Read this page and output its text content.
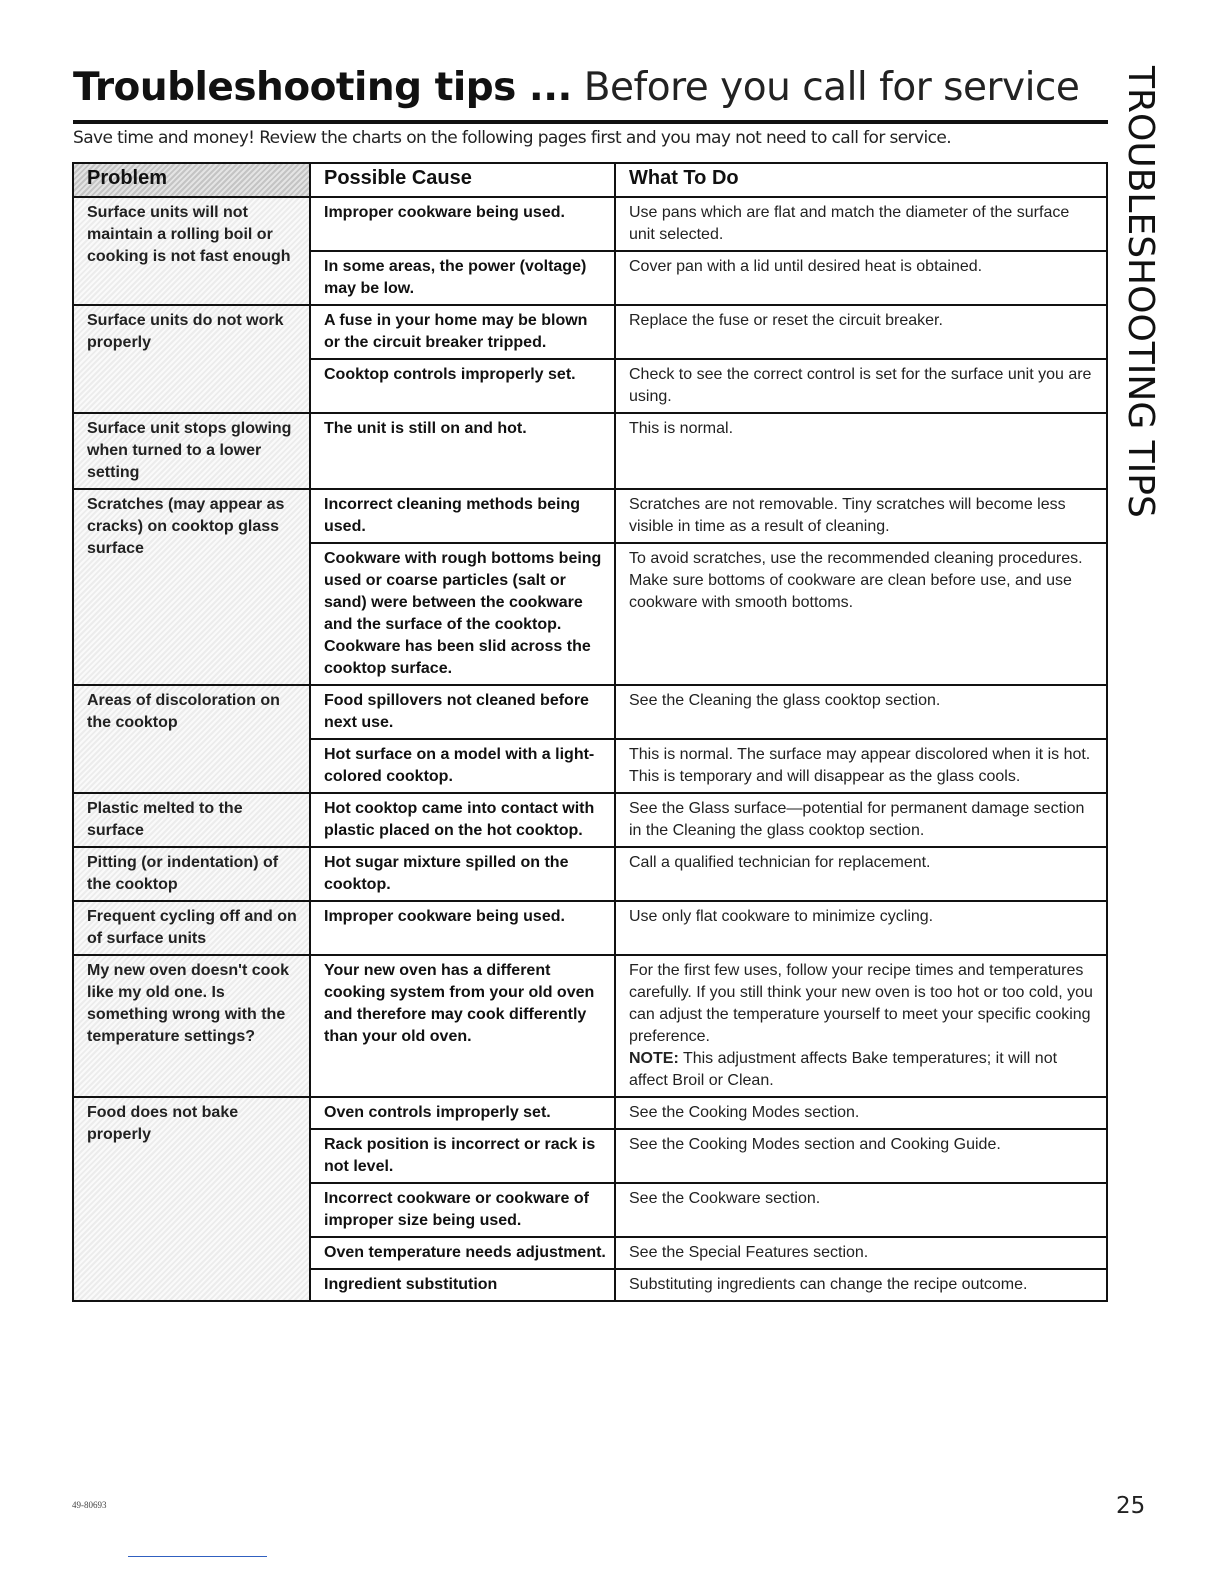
Troubleshooting tips ... Before you call for service

Save time and money! Review the charts on the following pages first and you may not need to call for service.	TROUBLESHOOTING TIPS
Problem	Possible Cause	What To Do
Surface units will not maintain a rolling boil or cooking is not fast enough	Improper cookware being used.	Use pans which are flat and match the diameter of the surface unit selected.
	In some areas, the power (voltage) may be low.	Cover pan with a lid until desired heat is obtained.
Surface units do not work properly	A fuse in your home may be blown or the circuit breaker tripped.	Replace the fuse or reset the circuit breaker.
	Cooktop controls improperly set.	Check to see the correct control is set for the surface unit you are using.
Surface unit stops glowing when turned to a lower setting	The unit is still on and hot.	This is normal.
Scratches (may appear as cracks) on cooktop glass surface	Incorrect cleaning methods being used.	Scratches are not removable. Tiny scratches will become less visible in time as a result of cleaning.
	Cookware with rough bottoms being used or coarse particles (salt or sand) were between the cookware and the surface of the cooktop. Cookware has been slid across the cooktop surface.	To avoid scratches, use the recommended cleaning procedures. Make sure bottoms of cookware are clean before use, and use cookware with smooth bottoms.
Areas of discoloration on the cooktop	Food spillovers not cleaned before next use.	See the Cleaning the glass cooktop section.
	Hot surface on a model with a light-colored cooktop.	This is normal. The surface may appear discolored when it is hot. This is temporary and will disappear as the glass cools.
Plastic melted to the surface	Hot cooktop came into contact with plastic placed on the hot cooktop.	See the Glass surface—potential for permanent damage section in the Cleaning the glass cooktop section.
Pitting (or indentation) of the cooktop	Hot sugar mixture spilled on the cooktop.	Call a qualified technician for replacement.
Frequent cycling off and on of surface units	Improper cookware being used.	Use only flat cookware to minimize cycling.
My new oven doesn't cook like my old one. Is something wrong with the temperature settings?	Your new oven has a different cooking system from your old oven and therefore may cook differently than your old oven.	For the first few uses, follow your recipe times and temperatures carefully. If you still think your new oven is too hot or too cold, you can adjust the temperature yourself to meet your specific cooking preference.
NOTE: This adjustment affects Bake temperatures; it will not affect Broil or Clean.
Food does not bake properly	Oven controls improperly set.	See the Cooking Modes section.
	Rack position is incorrect or rack is not level.	See the Cooking Modes section and Cooking Guide.
	Incorrect cookware or cookware of improper size being used.	See the Cookware section.
	Oven temperature needs adjustment.	See the Special Features section.
	Ingredient substitution	Substituting ingredients can change the recipe outcome.
49-80693	25
